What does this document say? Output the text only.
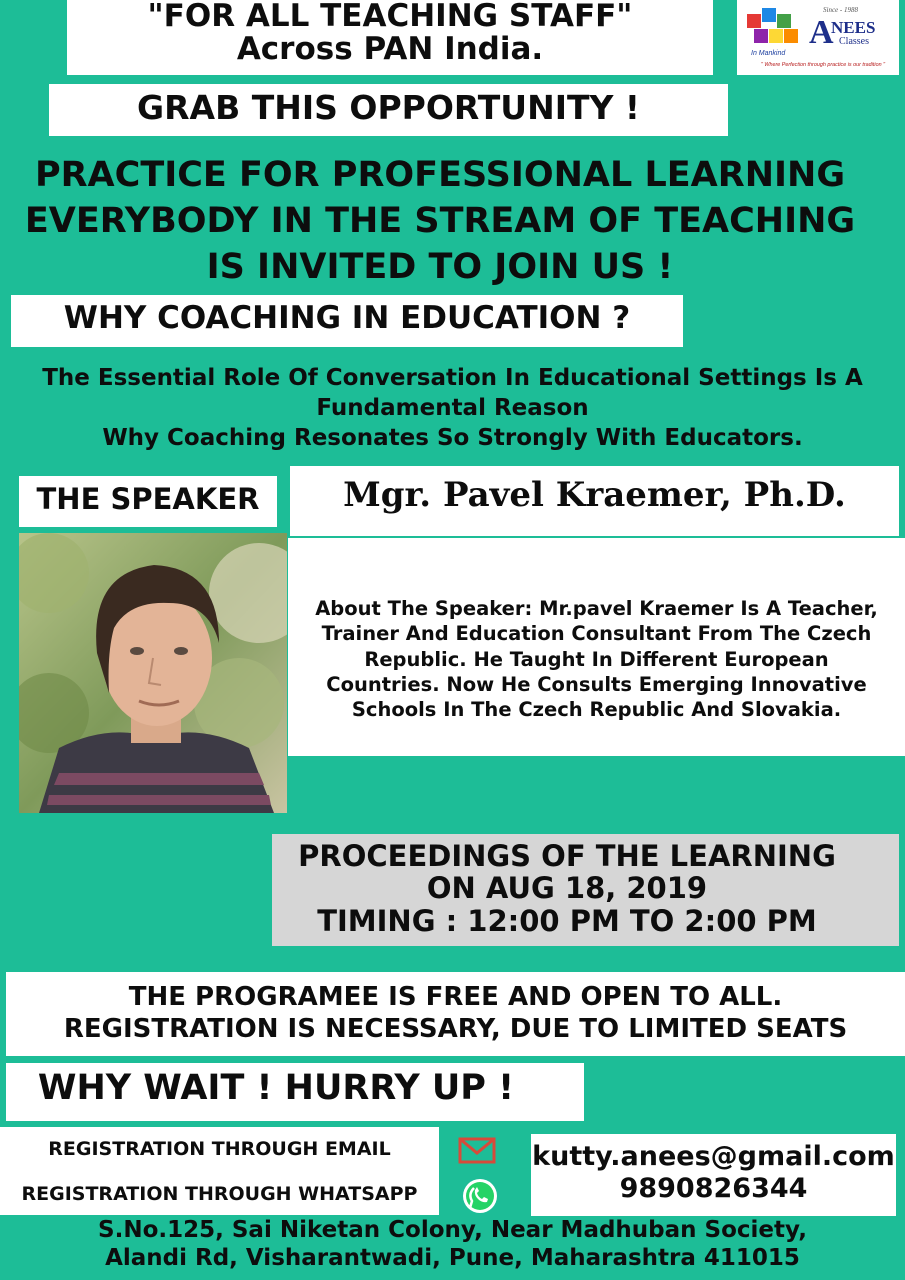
"FOR ALL TEACHING STAFF"
Across PAN India.	In Mankind
Since - 1988
A
NEES
Classes
" Where Perfection through practice is our tradition "
GRAB THIS OPPORTUNITY !
PRACTICE FOR PROFESSIONAL LEARNING
EVERYBODY IN THE STREAM OF TEACHING
IS INVITED TO JOIN US !
WHY COACHING IN EDUCATION ?
The Essential Role Of Conversation In Educational Settings Is A
Fundamental Reason
Why Coaching Resonates So Strongly With Educators.
THE SPEAKER	Mgr. Pavel Kraemer, Ph.D.
About The Speaker: Mr.pavel Kraemer Is A Teacher,
Trainer And Education Consultant From The Czech
Republic. He Taught In Different European
Countries. Now He Consults Emerging Innovative
Schools In The Czech Republic And Slovakia.
PROCEEDINGS OF THE LEARNING
ON AUG 18, 2019
TIMING : 12:00 PM TO 2:00 PM
THE PROGRAMEE IS FREE AND OPEN TO ALL.
REGISTRATION IS NECESSARY, DUE TO LIMITED SEATS
WHY WAIT ! HURRY UP !
REGISTRATION THROUGH EMAIL
REGISTRATION THROUGH WHATSAPP
kutty.anees@gmail.com
9890826344
S.No.125, Sai Niketan Colony, Near Madhuban Society,
Alandi Rd, Visharantwadi, Pune, Maharashtra 411015
